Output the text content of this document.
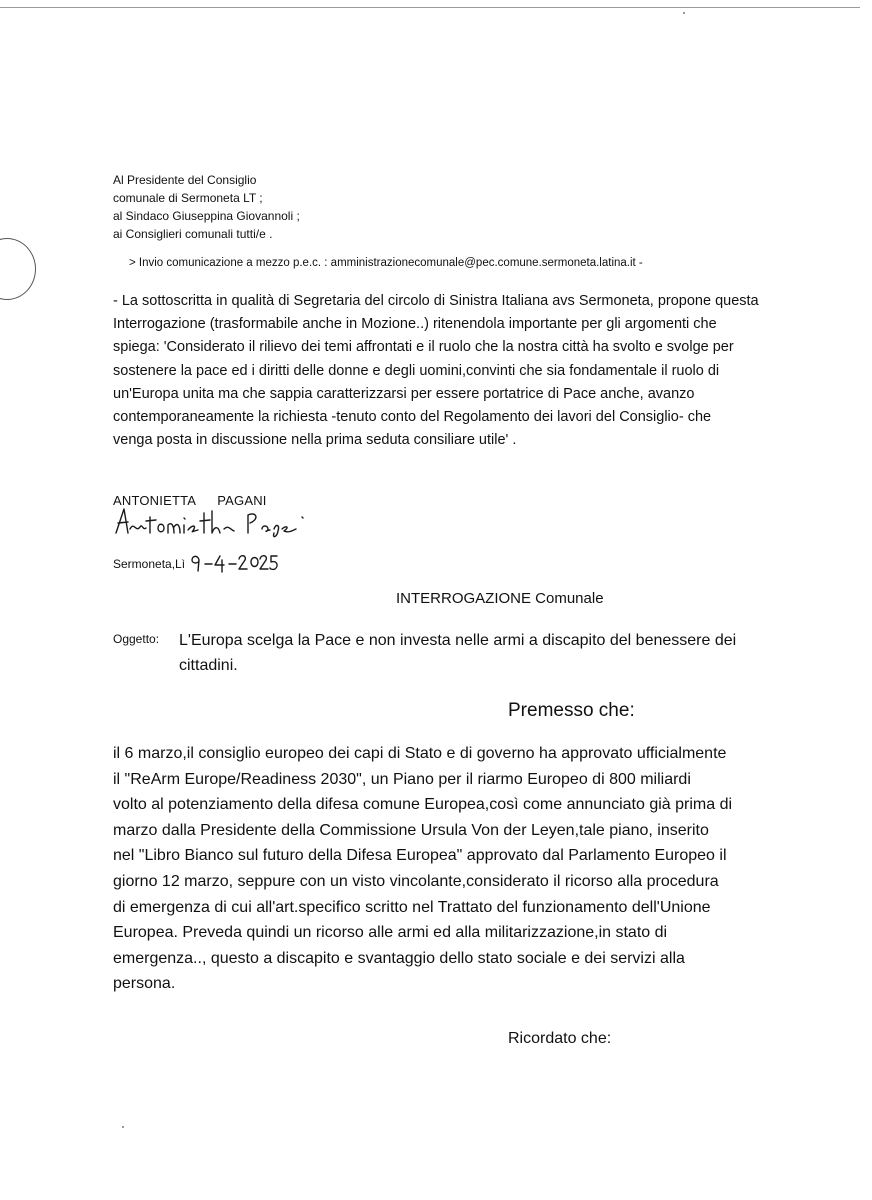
Al Presidente del Consiglio
comunale di Sermoneta LT ;
al Sindaco Giuseppina Giovannoli ;
ai Consiglieri comunali tutti/e .
> Invio comunicazione a mezzo p.e.c. : amministrazionecomunale@pec.comune.sermoneta.latina.it -
- La sottoscritta in qualità di Segretaria del circolo di Sinistra Italiana avs Sermoneta, propone questa
Interrogazione (trasformabile anche in Mozione..) ritenendola importante per gli argomenti che
spiega: 'Considerato il rilievo dei temi affrontati e il ruolo che la nostra città ha svolto e svolge per
sostenere la pace ed i diritti delle donne e degli uomini,convinti che sia fondamentale il ruolo di
un'Europa unita ma che sappia caratterizzarsi per essere portatrice di Pace anche, avanzo
contemporaneamente la richiesta -tenuto conto del Regolamento dei lavori del Consiglio- che
venga posta in discussione nella prima seduta consiliare utile' .
ANTONIETTA PAGANI
Sermoneta,Lì
9-4-2025
INTERROGAZIONE Comunale
Oggetto: L'Europa scelga la Pace e non investa nelle armi a discapito del benessere dei
cittadini.
Premesso che:
il 6 marzo,il consiglio europeo dei capi di Stato e di governo ha approvato ufficialmente
il "ReArm Europe/Readiness 2030", un Piano per il riarmo Europeo di 800 miliardi
volto al potenziamento della difesa comune Europea,così come annunciato già prima di
marzo dalla Presidente della Commissione Ursula Von der Leyen,tale piano, inserito
nel "Libro Bianco sul futuro della Difesa Europea" approvato dal Parlamento Europeo il
giorno 12 marzo, seppure con un visto vincolante,considerato il ricorso alla procedura
di emergenza di cui all'art.specifico scritto nel Trattato del funzionamento dell'Unione
Europea. Preveda quindi un ricorso alle armi ed alla militarizzazione,in stato di
emergenza.., questo a discapito e svantaggio dello stato sociale e dei servizi alla
persona.
Ricordato che:
